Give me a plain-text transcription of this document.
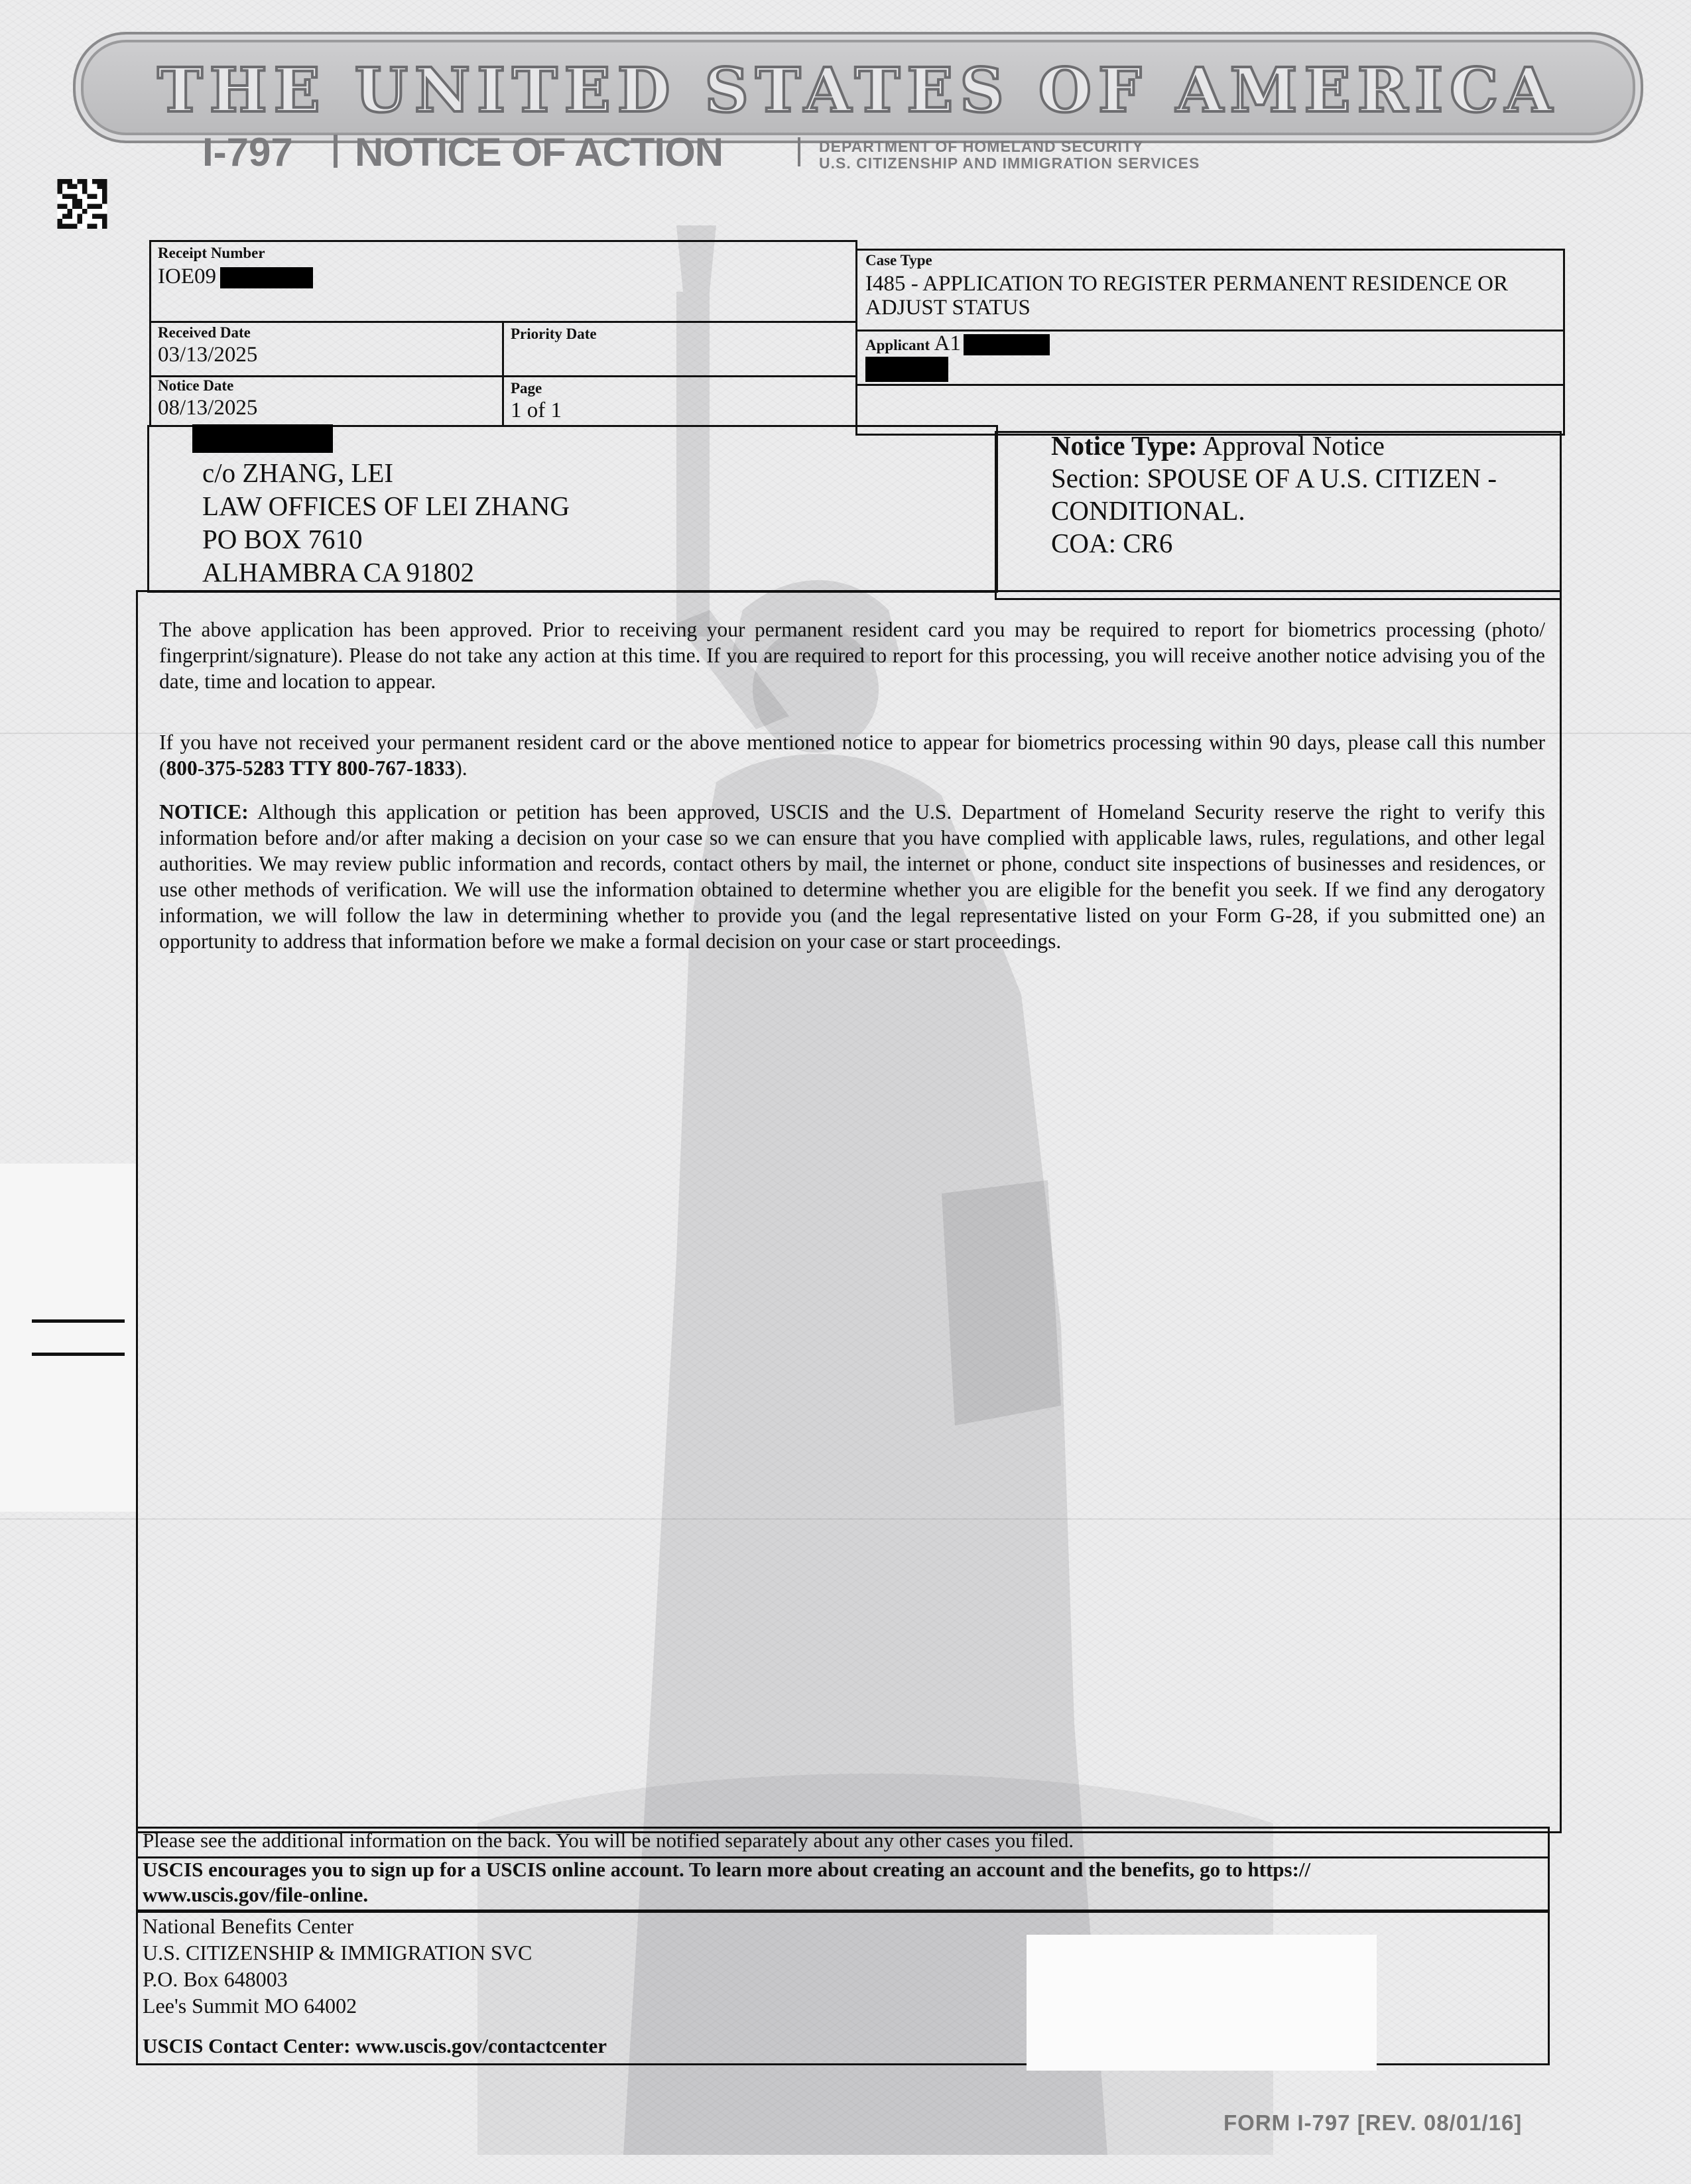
THE UNITED STATES OF AMERICA
I-797 NOTICE OF ACTION	DEPARTMENT OF HOMELAND SECURITY
U.S. CITIZENSHIP AND IMMIGRATION SERVICES
Receipt Number
IOE09
Case Type
I485 - APPLICATION TO REGISTER PERMANENT RESIDENCE OR
ADJUST STATUS
Received Date
03/13/2025
Priority Date
Applicant A1
Notice Date
08/13/2025
Page
1 of 1
c/o ZHANG, LEI
LAW OFFICES OF LEI ZHANG
PO BOX 7610
ALHAMBRA CA 91802
Notice Type: Approval Notice
Section: SPOUSE OF A U.S. CITIZEN -
CONDITIONAL.
COA: CR6
The above application has been approved. Prior to receiving your permanent resident card you may be required to report for biometrics processing (photo/ fingerprint/signature). Please do not take any action at this time. If you are required to report for this processing, you will receive another notice advising you of the date, time and location to appear.
If you have not received your permanent resident card or the above mentioned notice to appear for biometrics processing within 90 days, please call this number (800-375-5283 TTY 800-767-1833).
NOTICE: Although this application or petition has been approved, USCIS and the U.S. Department of Homeland Security reserve the right to verify this information before and/or after making a decision on your case so we can ensure that you have complied with applicable laws, rules, regulations, and other legal authorities. We may review public information and records, contact others by mail, the internet or phone, conduct site inspections of businesses and residences, or use other methods of verification. We will use the information obtained to determine whether you are eligible for the benefit you seek. If we find any derogatory information, we will follow the law in determining whether to provide you (and the legal representative listed on your Form G-28, if you submitted one) an opportunity to address that information before we make a formal decision on your case or start proceedings.
Please see the additional information on the back. You will be notified separately about any other cases you filed.
USCIS encourages you to sign up for a USCIS online account. To learn more about creating an account and the benefits, go to https://
www.uscis.gov/file-online.
National Benefits Center
U.S. CITIZENSHIP & IMMIGRATION SVC
P.O. Box 648003
Lee's Summit MO 64002
USCIS Contact Center: www.uscis.gov/contactcenter
FORM I-797 [REV. 08/01/16]
